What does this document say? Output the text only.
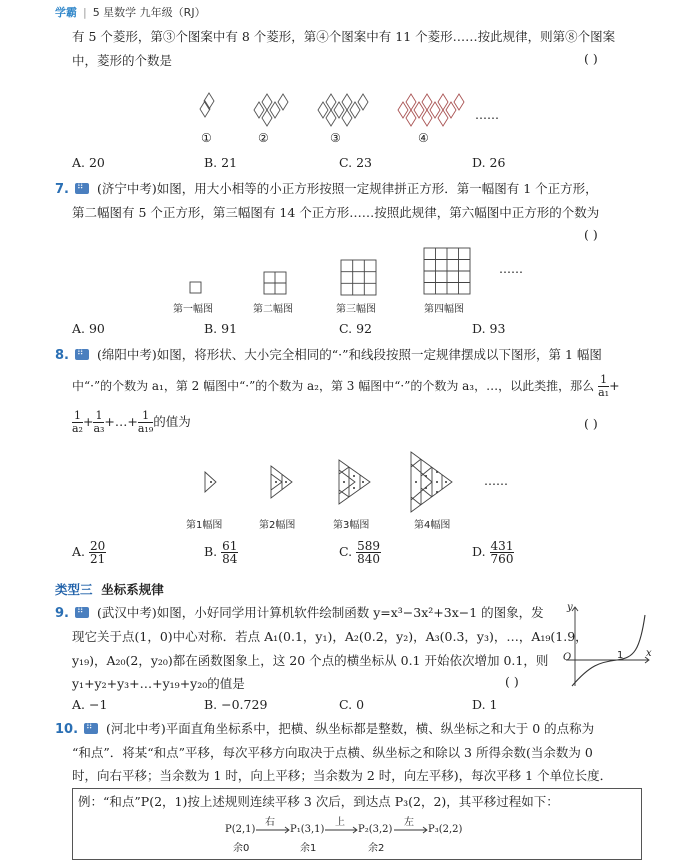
学霸 | 5 星数学 九年级（RJ）
有 5 个菱形，第③个图案中有 8 个菱形，第④个图案中有 11 个菱形……按此规律，则第⑧个图案
中，菱形的个数是	( )
①	②	③	④
……
A. 20	B. 21	C. 23	D. 26
7. ⠿ (济宁中考)如图，用大小相等的小正方形按照一定规律拼正方形．第一幅图有 1 个正方形，
第二幅图有 5 个正方形，第三幅图有 14 个正方形……按照此规律，第六幅图中正方形的个数为
( )
……
第一幅图	第二幅图	第三幅图	第四幅图
A. 90	B. 91	C. 92	D. 93
8. ⠿ (绵阳中考)如图，将形状、大小完全相同的“·”和线段按照一定规律摆成以下图形，第 1 幅图
中“·”的个数为 a₁，第 2 幅图中“·”的个数为 a₂，第 3 幅图中“·”的个数为 a₃，…，以此类推，那么 $\frac{1}{\text{a₁}}$ +
$\frac{1}{\text{a₂}} + \frac{1}{\text{a₃}}$ +…+ $\frac{1}{\text{a₁₉}}$ 的值为	( )
……
第1幅图	第2幅图	第3幅图	第4幅图
A. $\frac{20}{21}$	B. $\frac{61}{84}$	C. $\frac{589}{840}$	D. $\frac{431}{760}$
类型三 坐标系规律
9. ⠿ (武汉中考)如图，小好同学用计算机软件绘制函数 y=x³−3x²+3x−1 的图象，发
现它关于点(1，0)中心对称．若点 A₁(0.1，y₁)，A₂(0.2，y₂)，A₃(0.3，y₃)，…，A₁₉(1.9，
y₁₉)，A₂₀(2，y₂₀)都在函数图象上，这 20 个点的横坐标从 0.1 开始依次增加 0.1，则
y₁+y₂+y₃+…+y₁₉+y₂₀的值是	( )
y
x
O	1
A. −1	B. −0.729	C. 0	D. 1
10. ⠿ (河北中考)平面直角坐标系中，把横、纵坐标都是整数，横、纵坐标之和大于 0 的点称为
“和点”．将某“和点”平移，每次平移方向取决于点横、纵坐标之和除以 3 所得余数(当余数为 0
时，向右平移；当余数为 1 时，向上平移；当余数为 2 时，向左平移)，每次平移 1 个单位长度．
例：“和点”P(2，1)按上述规则连续平移 3 次后，到达点 P₃(2，2)，其平移过程如下：
P(2,1)	P₁(3,1)	P₂(3,2)	P₃(2,2)
右	上	左
余0	余1	余2
